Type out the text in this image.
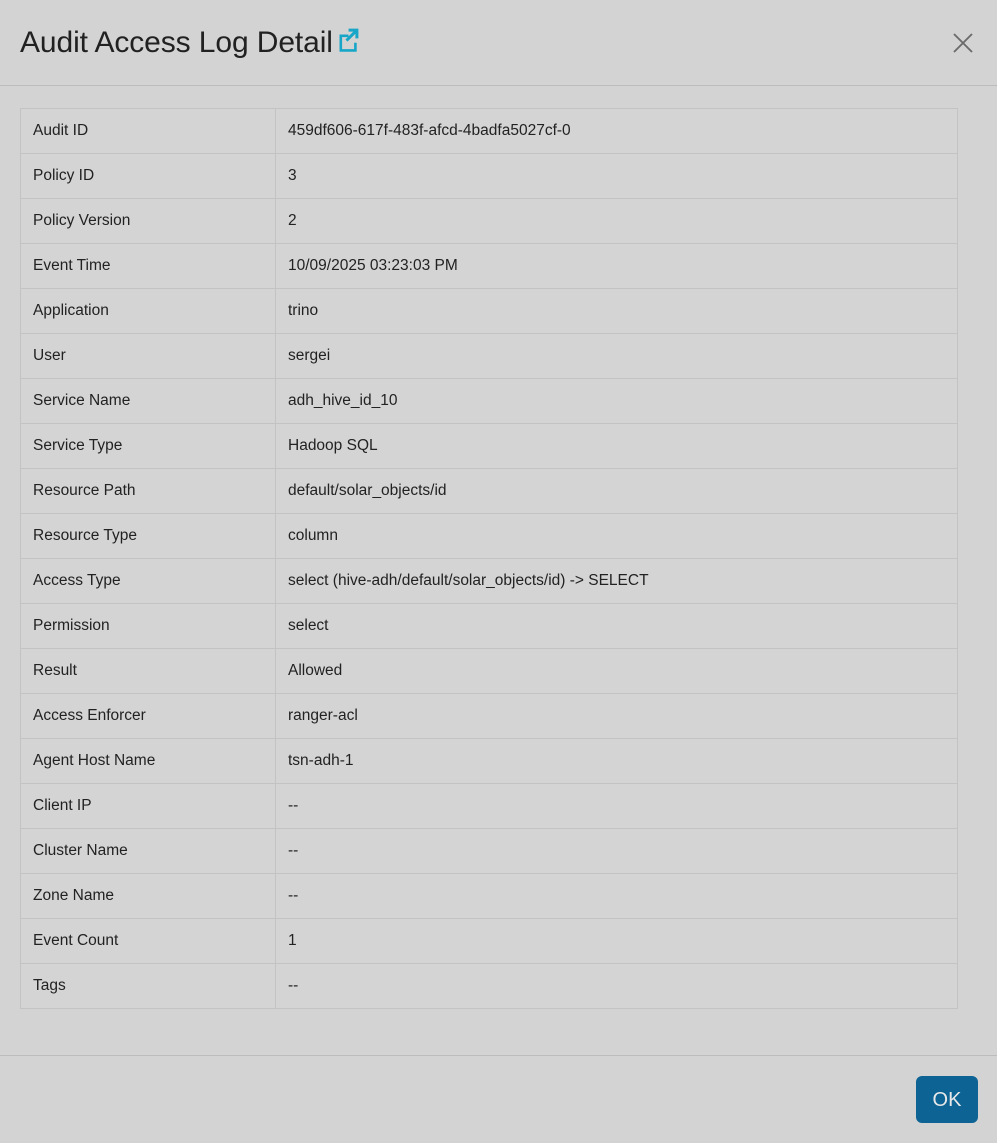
Audit Access Log Detail
Audit ID	459df606-617f-483f-afcd-4badfa5027cf-0
Policy ID	3
Policy Version	2
Event Time	10/09/2025 03:23:03 PM
Application	trino
User	sergei
Service Name	adh_hive_id_10
Service Type	Hadoop SQL
Resource Path	default/solar_objects/id
Resource Type	column
Access Type	select (hive-adh/default/solar_objects/id) -> SELECT
Permission	select
Result	Allowed
Access Enforcer	ranger-acl
Agent Host Name	tsn-adh-1
Client IP	--
Cluster Name	--
Zone Name	--
Event Count	1
Tags	--
OK
